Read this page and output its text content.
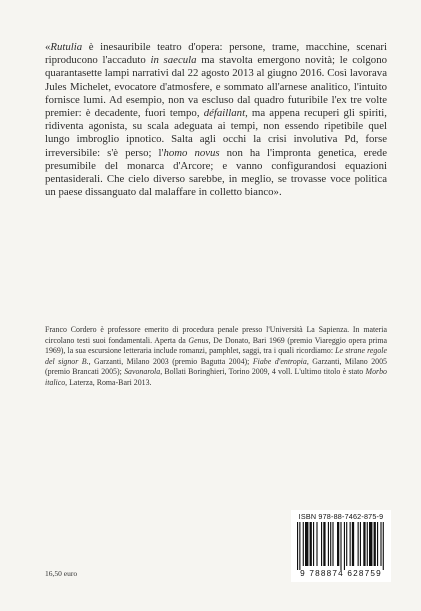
«Rutulia è inesauribile teatro d'opera: persone, trame, macchine, scenari riproducono l'accaduto in saecula ma stavolta emergono novità; le colgono quarantasette lampi narrativi dal 22 agosto 2013 al giugno 2016. Così lavorava Jules Michelet, evocatore d'atmosfere, e sommato all'arnese analitico, l'intuito fornisce lumi. Ad esempio, non va escluso dal quadro futuribile l'ex tre volte premier: è decadente, fuori tempo, défaillant, ma appena recuperi gli spiriti, ridiventa agonista, su scala adeguata ai tempi, non essendo ripetibile quel lungo imbroglio ipnotico. Salta agli occhi la crisi involutiva Pd, forse irreversibile: s'è perso; l'homo novus non ha l'impronta genetica, erede presumibile del monarca d'Arcore; e vanno configurandosi equazioni pentasiderali. Che cielo diverso sarebbe, in meglio, se trovasse voce politica un paese dissanguato dal malaffare in colletto bianco».

Franco Cordero è professore emerito di procedura penale presso l'Università La Sapienza. In materia circolano testi suoi fondamentali. Aperta da Genus, De Donato, Bari 1969 (premio Viareggio opera prima 1969), la sua escursione letteraria include romanzi, pamphlet, saggi, tra i quali ricordiamo: Le strane regole del signor B., Garzanti, Milano 2003 (premio Bagutta 2004); Fiabe d'entropia, Garzanti, Milano 2005 (premio Brancati 2005); Savonarola, Bollati Boringhieri, Torino 2009, 4 voll. L'ultimo titolo è stato Morbo italico, Laterza, Roma-Bari 2013.

16,50 euro
ISBN 978-88-7462-875-9
9 788874 628759
